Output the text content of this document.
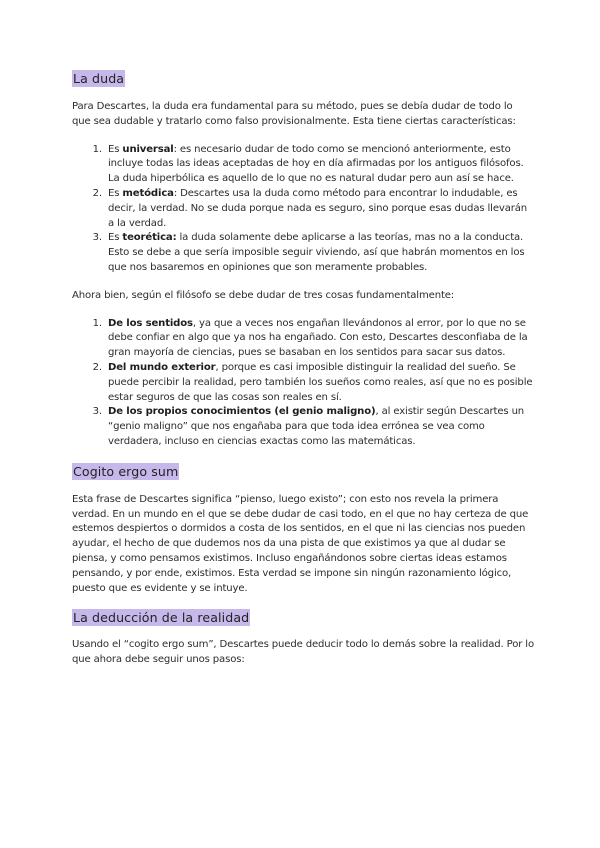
La duda

Para Descartes, la duda era fundamental para su método, pues se debía dudar de todo lo que sea dudable y tratarlo como falso provisionalmente. Esta tiene ciertas características:

1. Es universal: es necesario dudar de todo como se mencionó anteriormente, esto incluye todas las ideas aceptadas de hoy en día afirmadas por los antiguos filósofos. La duda hiperbólica es aquello de lo que no es natural dudar pero aun así se hace.
2. Es metódica: Descartes usa la duda como método para encontrar lo indudable, es decir, la verdad. No se duda porque nada es seguro, sino porque esas dudas llevarán a la verdad.
3. Es teorética: la duda solamente debe aplicarse a las teorías, mas no a la conducta. Esto se debe a que sería imposible seguir viviendo, así que habrán momentos en los que nos basaremos en opiniones que son meramente probables.

Ahora bien, según el filósofo se debe dudar de tres cosas fundamentalmente:

1. De los sentidos, ya que a veces nos engañan llevándonos al error, por lo que no se debe confiar en algo que ya nos ha engañado. Con esto, Descartes desconfiaba de la gran mayoría de ciencias, pues se basaban en los sentidos para sacar sus datos.
2. Del mundo exterior, porque es casi imposible distinguir la realidad del sueño. Se puede percibir la realidad, pero también los sueños como reales, así que no es posible estar seguros de que las cosas son reales en sí.
3. De los propios conocimientos (el genio maligno), al existir según Descartes un “genio maligno” que nos engañaba para que toda idea errónea se vea como verdadera, incluso en ciencias exactas como las matemáticas.
Cogito ergo sum

Esta frase de Descartes significa “pienso, luego existo”; con esto nos revela la primera verdad. En un mundo en el que se debe dudar de casi todo, en el que no hay certeza de que estemos despiertos o dormidos a costa de los sentidos, en el que ni las ciencias nos pueden ayudar, el hecho de que dudemos nos da una pista de que existimos ya que al dudar se piensa, y como pensamos existimos. Incluso engañándonos sobre ciertas ideas estamos pensando, y por ende, existimos. Esta verdad se impone sin ningún razonamiento lógico, puesto que es evidente y se intuye.

La deducción de la realidad

Usando el “cogito ergo sum”, Descartes puede deducir todo lo demás sobre la realidad. Por lo que ahora debe seguir unos pasos:
